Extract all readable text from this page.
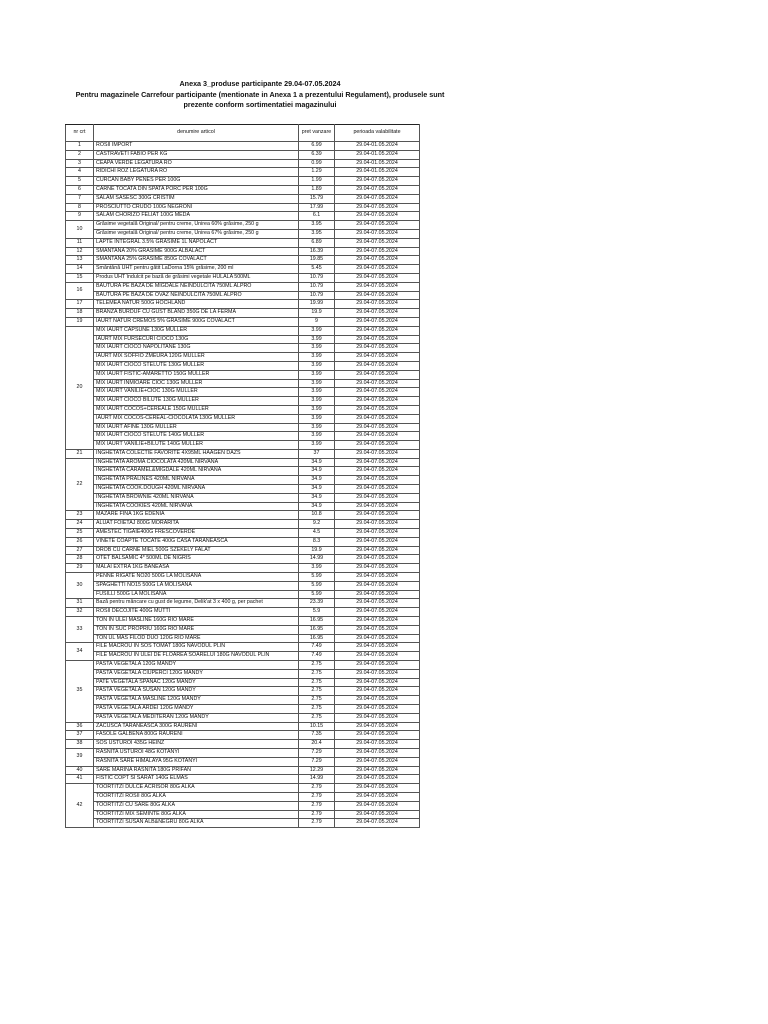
Anexa 3_produse participante 29.04-07.05.2024
Pentru magazinele Carrefour participante (mentionate in Anexa 1 a prezentului Regulament), produsele sunt
prezente conform sortimentatiei magazinului
nr crt	denumire articol	pret vanzare	perioada valabilitate
1	ROSII IMPORT	6.99	29.04-01.05.2024
2	CASTRAVETI FABIO PER KG	6.39	29.04-01.05.2024
3	CEAPA VERDE LEGATURA RO	0.99	29.04-01.05.2024
4	RIDICHI ROZ LEGATURA RO	1.29	29.04-01.05.2024
5	CURCAN BABY PENES PER 100G	1.99	29.04-07.05.2024
6	CARNE TOCATA DIN SPATA PORC PER 100G	1.89	29.04-07.05.2024
7	SALAM SASESC 300G CRISTIM	15.79	29.04-07.05.2024
8	PROSCIUTTO CRUDO 100G NEGRONI	17.99	29.04-07.05.2024
9	SALAM CHORIZO FELIAT 100G MEDA	6.1	29.04-07.05.2024
10	Grăsime vegetală Original/ pentru creme, Unirea 60% grăsime, 250 g	3.95	29.04-07.05.2024
	Grăsime vegetală Original/ pentru creme, Unirea 67% grăsime, 250 g	3.95	29.04-07.05.2024
11	LAPTE INTEGRAL 3.5% GRASIME 1L NAPOLACT	6.89	29.04-07.05.2024
12	SMANTANA 20% GRASIME 900G ALBALACT	16.39	29.04-07.05.2024
13	SMANTANA 25% GRASIME 850G COVALACT	19.85	29.04-07.05.2024
14	Smântână UHT pentru gătit LaDorna 15% grăsime, 200 ml	5.45	29.04-07.05.2024
15	Produs UHT îndulcit pe bază de grăsimi vegetale HULALA 500ML	10.79	29.04-07.05.2024
16	BAUTURA PE BAZA DE MIGDALE NEINDULCITA 750ML ALPRO	10.79	29.04-07.05.2024
	BAUTURA PE BAZA DE OVAZ NEINDULCITA 750ML ALPRO	10.79	29.04-07.05.2024
17	TELEMEA NATUR 500G HOCHLAND	19.99	29.04-07.05.2024
18	BRANZA BURDUF CU GUST BLAND 350G DE LA FERMA	19.9	29.04-07.05.2024
19	IAURT NATUR CREMOS 5% GRASIME 900G COVALACT	9	29.04-07.05.2024
20	MIX IAURT CAPSUNE 130G MULLER	3.99	29.04-07.05.2024
	IAURT MIX FURSECURI CIOCO 130G	3.99	29.04-07.05.2024
	MIX IAURT CIOCO NAPOLITANE 130G	3.99	29.04-07.05.2024
	IAURT MIX SOFFIO ZMEURA 120G MULLER	3.99	29.04-07.05.2024
	MIX IAURT CIOCO STELUTE 130G MULLER	3.99	29.04-07.05.2024
	MIX IAURT FISTIC-AMARETTO 150G MULLER	3.99	29.04-07.05.2024
	MIX IAURT INMIOARE CIOC 130G MULLER	3.99	29.04-07.05.2024
	MIX IAURT VANILIE+CIOC 130G MULLER	3.99	29.04-07.05.2024
	MIX IAURT CIOCO BILUTE 130G MULLER	3.99	29.04-07.05.2024
	MIX IAURT COCOS+CEREALE 150G MULLER	3.99	29.04-07.05.2024
	IAURT MIX COCOS-CEREAL-CIOCOLATA 130G MULLER	3.99	29.04-07.05.2024
	MIX IAURT AFINE 130G MULLER	3.99	29.04-07.05.2024
	MIX IAURT CIOCO STELUTE 140G MULLER	3.99	29.04-07.05.2024
	MIX IAURT VANILIE+BILUTE 140G MULLER	3.99	29.04-07.05.2024
21	INGHETATA COLECTIE FAVORITE 4X95ML HAAGEN DAZS	37	29.04-07.05.2024
22	INGHETATA AROMA CIOCOLATA 420ML NIRVANA	34.9	29.04-07.05.2024
	INGHETATA CARAMEL&MIGDALE 420ML NIRVANA	34.9	29.04-07.05.2024
	INGHETATA PRALINES 420ML NIRVANA	34.9	29.04-07.05.2024
	INGHETATA COOK.DOUGH 420ML NIRVANA	34.9	29.04-07.05.2024
	INGHETATA BROWNIE 420ML NIRVANA	34.9	29.04-07.05.2024
	INGHETATA COOKIES 420ML NIRVANA	34.9	29.04-07.05.2024
23	MAZARE FINA 1KG EDENIA	10.8	29.04-07.05.2024
24	ALUAT FOIETAJ 800G MORARITA	9.2	29.04-07.05.2024
25	AMESTEC TIGAIE400G FRESCOVERDE	4.5	29.04-07.05.2024
26	VINETE COAPTE TOCATE 400G CASA TARANEASCA	8.3	29.04-07.05.2024
27	DROB CU CARNE MIEL 500G SZEKELY FALAT	19.9	29.04-07.05.2024
28	OTET BALSAMIC 4* 500ML DE NIGRIS	14.99	29.04-07.05.2024
29	MALAI EXTRA 1KG BANEASA	3.99	29.04-07.05.2024
30	PENNE RIGATE NO20 500G LA MOLISANA	5.99	29.04-07.05.2024
	SPAGHETTI NO15 500G LA MOLISANA	5.99	29.04-07.05.2024
	FUSILLI 500G LA MOLISANA	5.99	29.04-07.05.2024
31	Bază pentru mâncare cu gust de legume, Delik'at 3 x 400 g, per pachet	23.39	29.04-07.05.2024
32	ROSII DECOJITE 400G MUTTI	5.9	29.04-07.05.2024
33	TON IN ULEI MASLINE 160G RIO MARE	16.95	29.04-07.05.2024
	TON IN SUC PROPRIU 160G RIO MARE	16.95	29.04-07.05.2024
	TON UL MAS FILOD DUO 120G RIO MARE	16.95	29.04-07.05.2024
34	FILE MACROU IN SOS TOMAT 180G NAVODUL PLIN	7.49	29.04-07.05.2024
	FILE MACROU IN ULEI DE FLOAREA SOARELUI 180G NAVODUL PLIN	7.49	29.04-07.05.2024
35	PASTA VEGETALA 120G MANDY	2.75	29.04-07.05.2024
	PASTA VEGETALA CIUPERCI 120G MANDY	2.75	29.04-07.05.2024
	PATE VEGETALA SPANAC 120G MANDY	2.75	29.04-07.05.2024
	PASTA VEGETALA SUSAN 120G MANDY	2.75	29.04-07.05.2024
	PASTA VEGETALA MASLINE 120G MANDY	2.75	29.04-07.05.2024
	PASTA VEGETALA ARDEI 120G MANDY	2.75	29.04-07.05.2024
	PASTA VEGETALA MEDITERAN 120G MANDY	2.75	29.04-07.05.2024
36	ZACUSCA TARANEASCA 300G RAURENI	10.15	29.04-07.05.2024
37	FASOLE GALBENA 800G RAURENI	7.35	29.04-07.05.2024
38	SOS USTUROI 435G HEINZ	20.4	29.04-07.05.2024
39	RASNITA USTUROI 48G KOTANYI	7.29	29.04-07.05.2024
	RASNITA SARE HIMALAYA 95G KOTANYI	7.29	29.04-07.05.2024
40	SARE MARINA RASNITA 180G PRIFAN	12.29	29.04-07.05.2024
41	FISTIC COPT SI SARAT 140G ELMAS	14.99	29.04-07.05.2024
42	TOORTITZI DULCE ACRISOR 80G ALKA	2.79	29.04-07.05.2024
	TOORTITZI ROSII 80G ALKA	2.79	29.04-07.05.2024
	TOORTITZI CU SARE 80G ALKA	2.79	29.04-07.05.2024
	TOORTITZI MIX SEMINTE 80G ALKA	2.79	29.04-07.05.2024
	TOORTITZI SUSAN ALB&NEGRU 80G ALKA	2.79	29.04-07.05.2024
